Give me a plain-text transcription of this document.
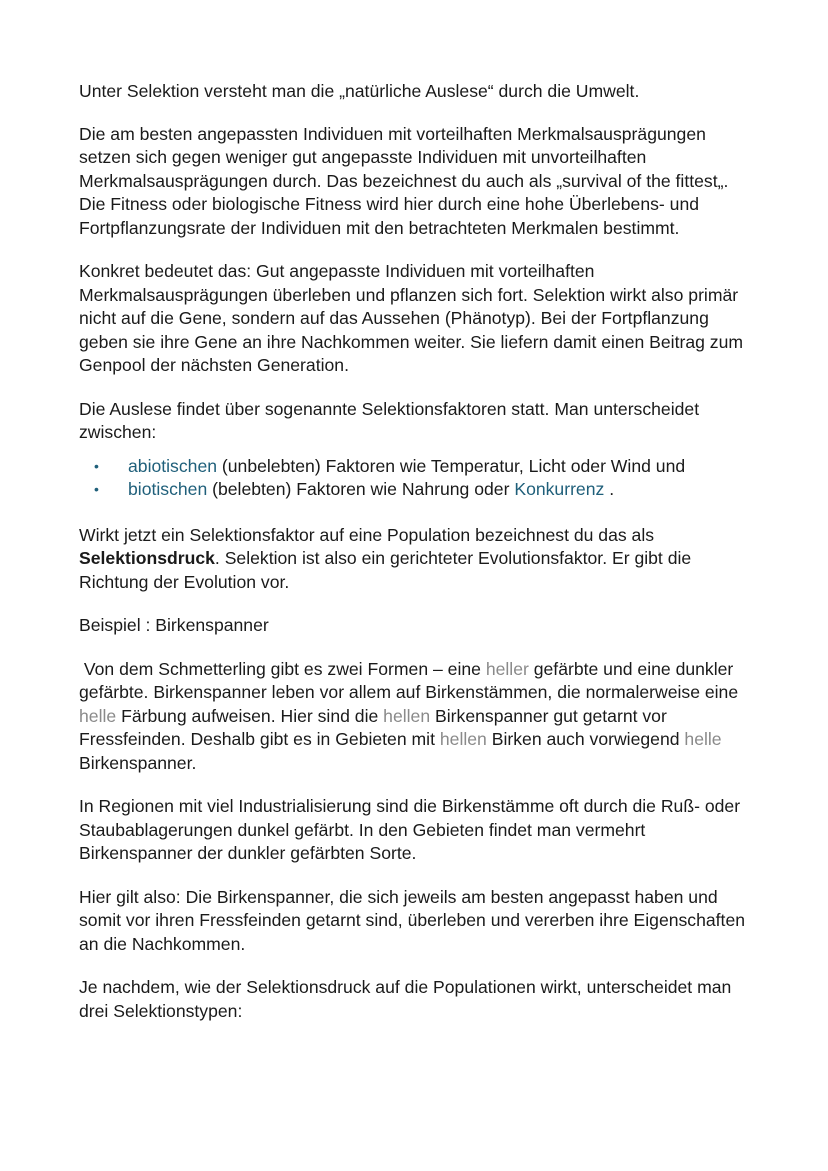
Unter Selektion versteht man die „natürliche Auslese“ durch die Umwelt.

Die am besten angepassten Individuen mit vorteilhaften Merkmalsausprägungen setzen sich gegen weniger gut angepasste Individuen mit unvorteilhaften Merkmalsausprägungen durch. Das bezeichnest du auch als „survival of the fittest„. Die Fitness oder biologische Fitness wird hier durch eine hohe Überlebens- und Fortpflanzungsrate der Individuen mit den betrachteten Merkmalen bestimmt.

Konkret bedeutet das: Gut angepasste Individuen mit vorteilhaften Merkmalsausprägungen überleben und pflanzen sich fort. Selektion wirkt also primär nicht auf die Gene, sondern auf das Aussehen (Phänotyp). Bei der Fortpflanzung geben sie ihre Gene an ihre Nachkommen weiter. Sie liefern damit einen Beitrag zum Genpool der nächsten Generation.

Die Auslese findet über sogenannte Selektionsfaktoren statt. Man unterscheidet zwischen:

• abiotischen (unbelebten) Faktoren wie Temperatur, Licht oder Wind und
• biotischen (belebten) Faktoren wie Nahrung oder Konkurrenz .

Wirkt jetzt ein Selektionsfaktor auf eine Population bezeichnest du das als Selektionsdruck. Selektion ist also ein gerichteter Evolutionsfaktor. Er gibt die Richtung der Evolution vor.

Beispiel : Birkenspanner

Von dem Schmetterling gibt es zwei Formen – eine heller gefärbte und eine dunkler gefärbte. Birkenspanner leben vor allem auf Birkenstämmen, die normalerweise eine helle Färbung aufweisen. Hier sind die hellen Birkenspanner gut getarnt vor Fressfeinden. Deshalb gibt es in Gebieten mit hellen Birken auch vorwiegend helle Birkenspanner.

In Regionen mit viel Industrialisierung sind die Birkenstämme oft durch die Ruß- oder Staubablagerungen dunkel gefärbt. In den Gebieten findet man vermehrt Birkenspanner der dunkler gefärbten Sorte.

Hier gilt also: Die Birkenspanner, die sich jeweils am besten angepasst haben und somit vor ihren Fressfeinden getarnt sind, überleben und vererben ihre Eigenschaften an die Nachkommen.

Je nachdem, wie der Selektionsdruck auf die Populationen wirkt, unterscheidet man drei Selektionstypen:
